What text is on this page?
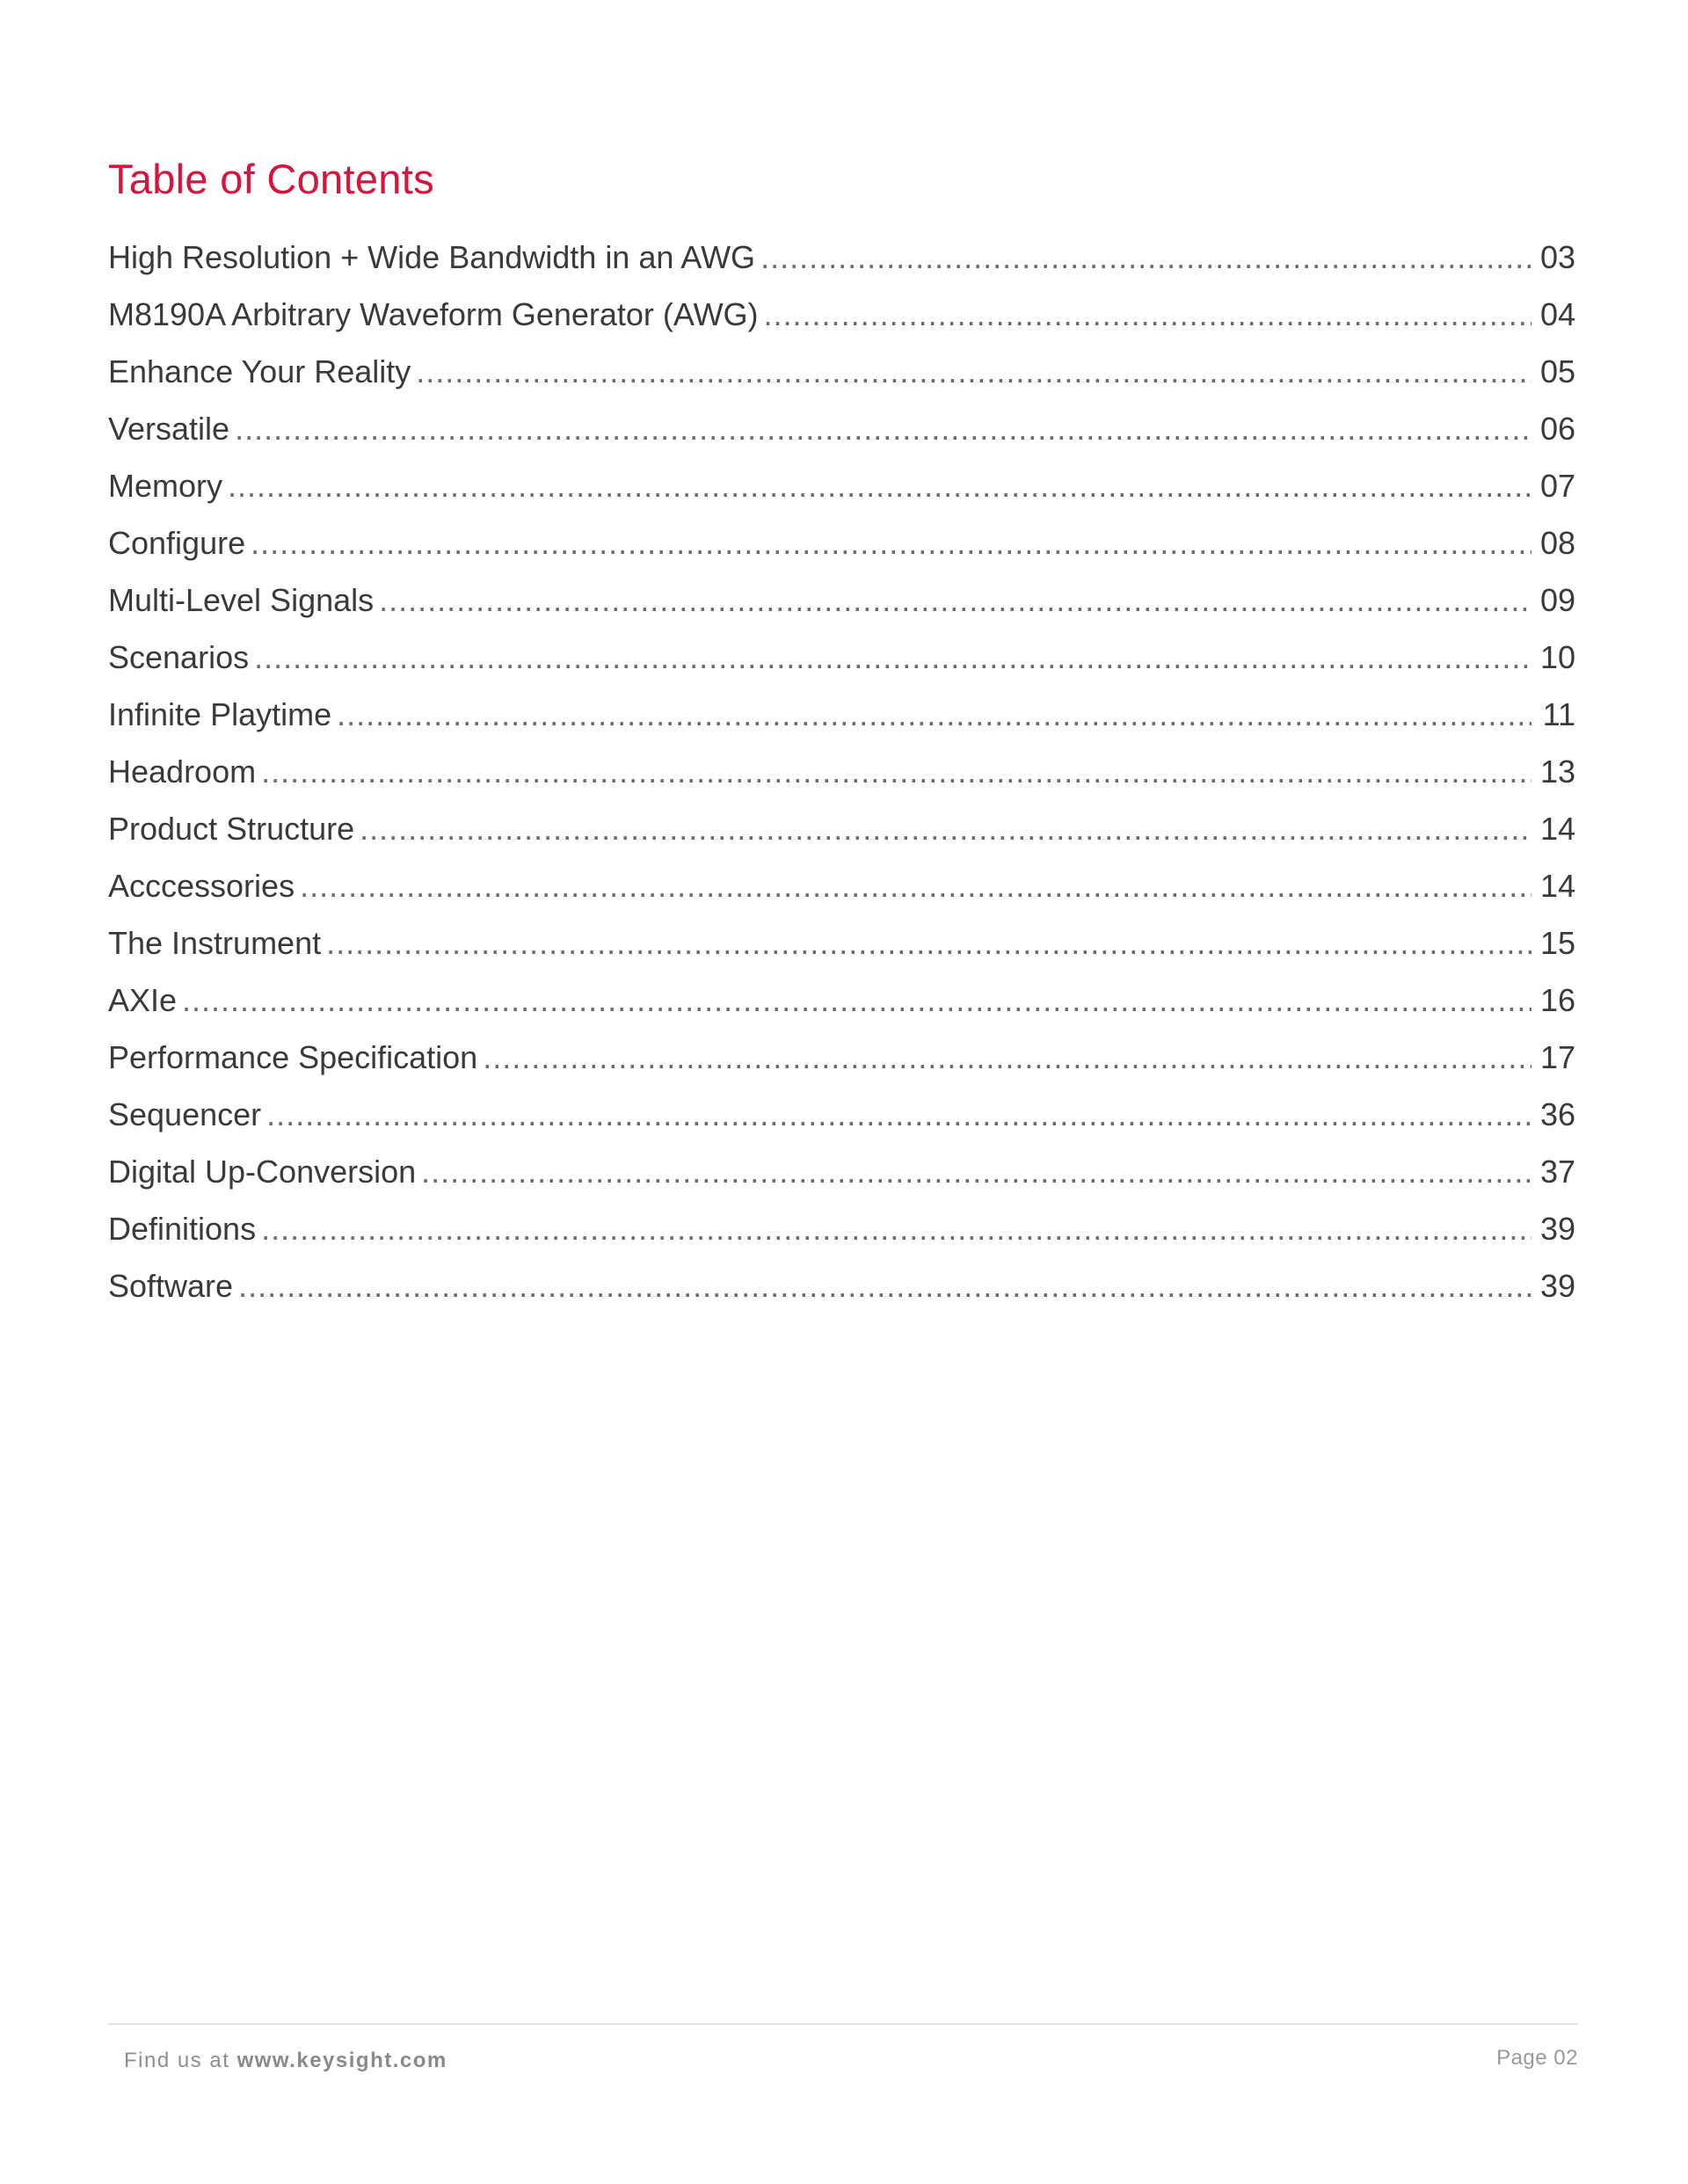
Table of Contents
High Resolution + Wide Bandwidth in an AWG .....	03
M8190A Arbitrary Waveform Generator (AWG) .....	04
Enhance Your Reality .....	05
Versatile .....	06
Memory .....	07
Configure .....	08
Multi-Level Signals .....	09
Scenarios .....	10
Infinite Playtime .....	11
Headroom .....	13
Product Structure .....	14
Acccessories .....	14
The Instrument .....	15
AXIe .....	16
Performance Specification .....	17
Sequencer .....	36
Digital Up-Conversion .....	37
Definitions .....	39
Software .....	39
Find us at www.keysight.com	Page 02
